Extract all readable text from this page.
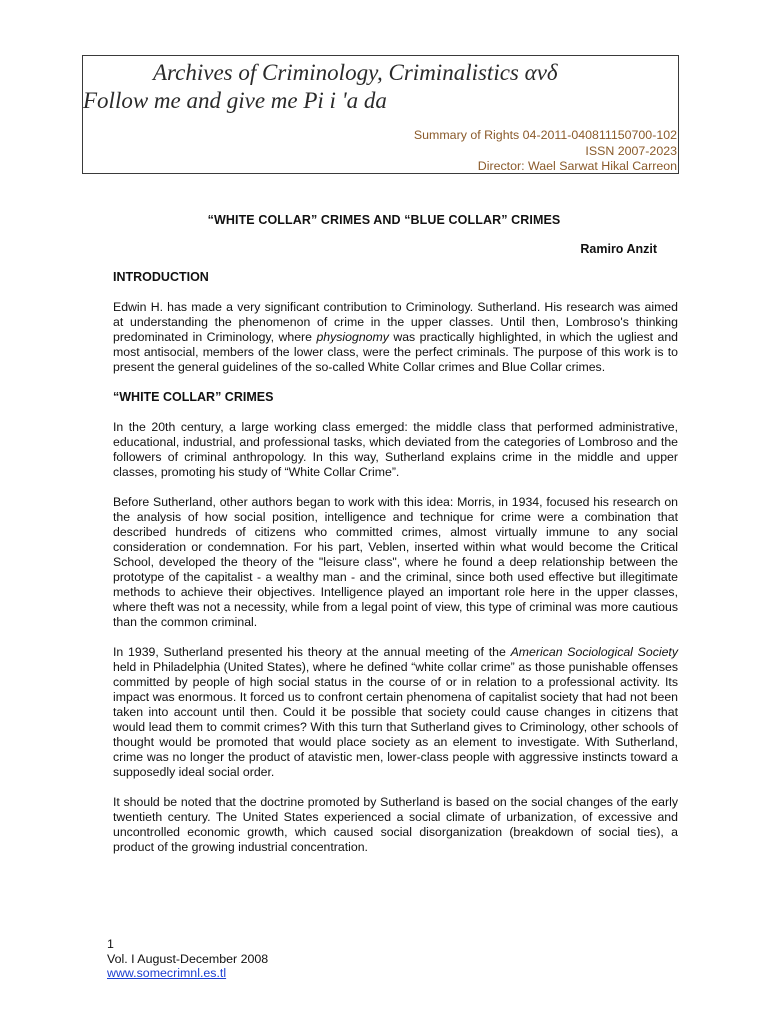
Archives of Criminology, Criminalistics ανδ
Follow me and give me Pi i 'a da
Summary of Rights 04-2011-040811150700-102
ISSN 2007-2023
Director: Wael Sarwat Hikal Carreon
“WHITE COLLAR” CRIMES AND “BLUE COLLAR” CRIMES
Ramiro Anzit
INTRODUCTION

Edwin H. has made a very significant contribution to Criminology. Sutherland. His research was aimed at understanding the phenomenon of crime in the upper classes. Until then, Lombroso's thinking predominated in Criminology, where physiognomy was practically highlighted, in which the ugliest and most antisocial, members of the lower class, were the perfect criminals. The purpose of this work is to present the general guidelines of the so-called White Collar crimes and Blue Collar crimes.

“WHITE COLLAR” CRIMES

In the 20th century, a large working class emerged: the middle class that performed administrative, educational, industrial, and professional tasks, which deviated from the categories of Lombroso and the followers of criminal anthropology. In this way, Sutherland explains crime in the middle and upper classes, promoting his study of “White Collar Crime”.

Before Sutherland, other authors began to work with this idea: Morris, in 1934, focused his research on the analysis of how social position, intelligence and technique for crime were a combination that described hundreds of citizens who committed crimes, almost virtually immune to any social consideration or condemnation. For his part, Veblen, inserted within what would become the Critical School, developed the theory of the "leisure class", where he found a deep relationship between the prototype of the capitalist - a wealthy man - and the criminal, since both used effective but illegitimate methods to achieve their objectives. Intelligence played an important role here in the upper classes, where theft was not a necessity, while from a legal point of view, this type of criminal was more cautious than the common criminal.

In 1939, Sutherland presented his theory at the annual meeting of the American Sociological Society held in Philadelphia (United States), where he defined “white collar crime” as those punishable offenses committed by people of high social status in the course of or in relation to a professional activity. Its impact was enormous. It forced us to confront certain phenomena of capitalist society that had not been taken into account until then. Could it be possible that society could cause changes in citizens that would lead them to commit crimes? With this turn that Sutherland gives to Criminology, other schools of thought would be promoted that would place society as an element to investigate. With Sutherland, crime was no longer the product of atavistic men, lower-class people with aggressive instincts toward a supposedly ideal social order.

It should be noted that the doctrine promoted by Sutherland is based on the social changes of the early twentieth century. The United States experienced a social climate of urbanization, of excessive and uncontrolled economic growth, which caused social disorganization (breakdown of social ties), a product of the growing industrial concentration.

1
Vol. I August-December 2008
www.somecrimnl.es.tl
